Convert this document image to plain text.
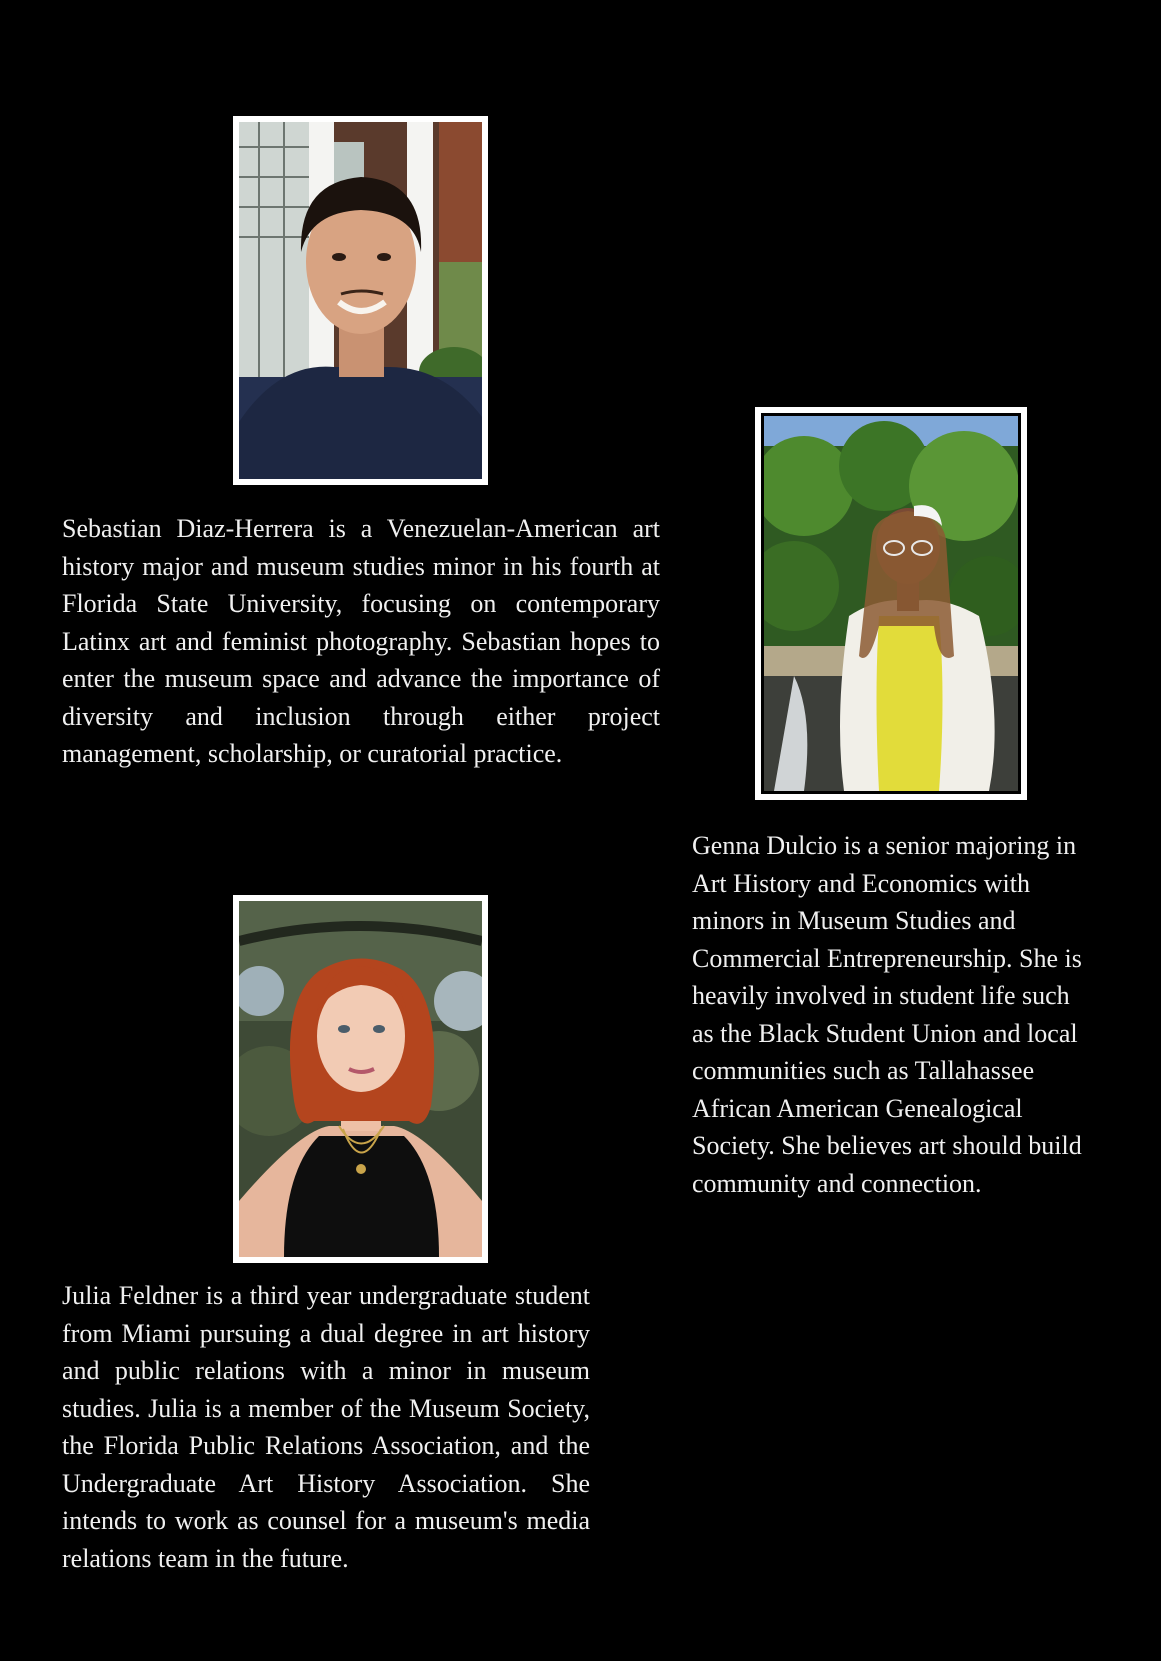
Sebastian Diaz-Herrera is a Venezuelan-American art history major and museum studies minor in his fourth at Florida State University, focusing on contemporary Latinx art and feminist photography. Sebastian hopes to enter the museum space and advance the importance of diversity and inclusion through either project management, scholarship, or curatorial practice.

Genna Dulcio is a senior majoring in Art History and Economics with minors in Museum Studies and Commercial Entrepreneurship. She is heavily involved in student life such as the Black Student Union and local communities such as Tallahassee African American Genealogical Society. She believes art should build community and connection.

Julia Feldner is a third year undergraduate student from Miami pursuing a dual degree in art history and public relations with a minor in museum studies. Julia is a member of the Museum Society, the Florida Public Relations Association, and the Undergraduate Art History Association. She intends to work as counsel for a museum's media relations team in the future.
